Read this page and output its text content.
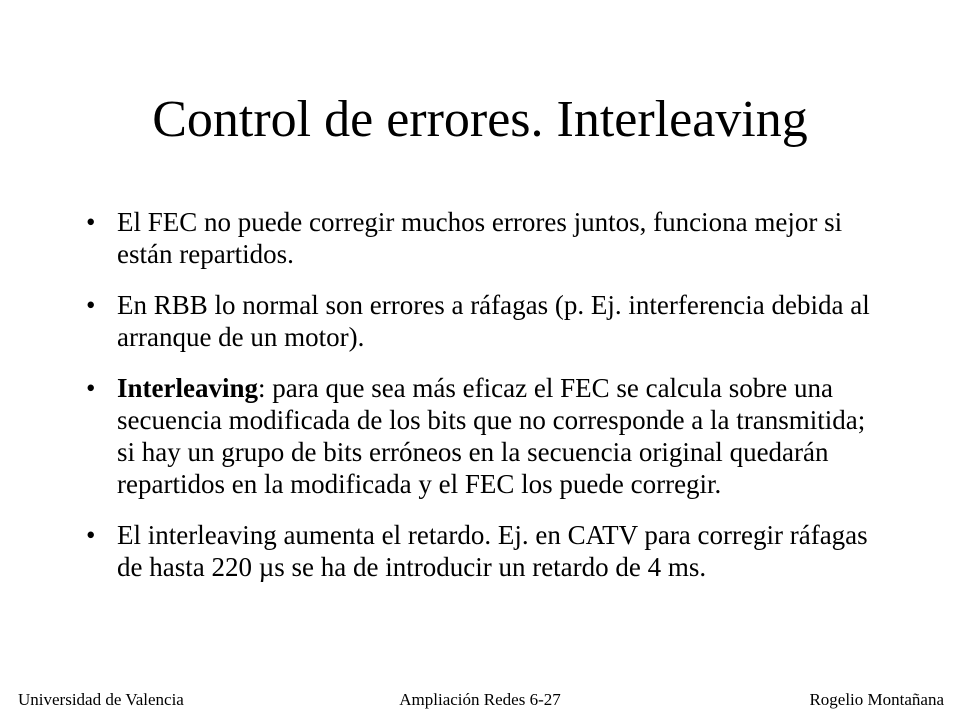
Control de errores. Interleaving
• El FEC no puede corregir muchos errores juntos, funciona mejor si están repartidos.
• En RBB lo normal son errores a ráfagas (p. Ej. interferencia debida al arranque de un motor).
• Interleaving: para que sea más eficaz el FEC se calcula sobre una secuencia modificada de los bits que no corresponde a la transmitida; si hay un grupo de bits erróneos en la secuencia original quedarán repartidos en la modificada y el FEC los puede corregir.
• El interleaving aumenta el retardo. Ej. en CATV para corregir ráfagas de hasta 220 µs se ha de introducir un retardo de 4 ms.
Universidad de Valencia	Ampliación Redes 6-27	Rogelio Montañana
